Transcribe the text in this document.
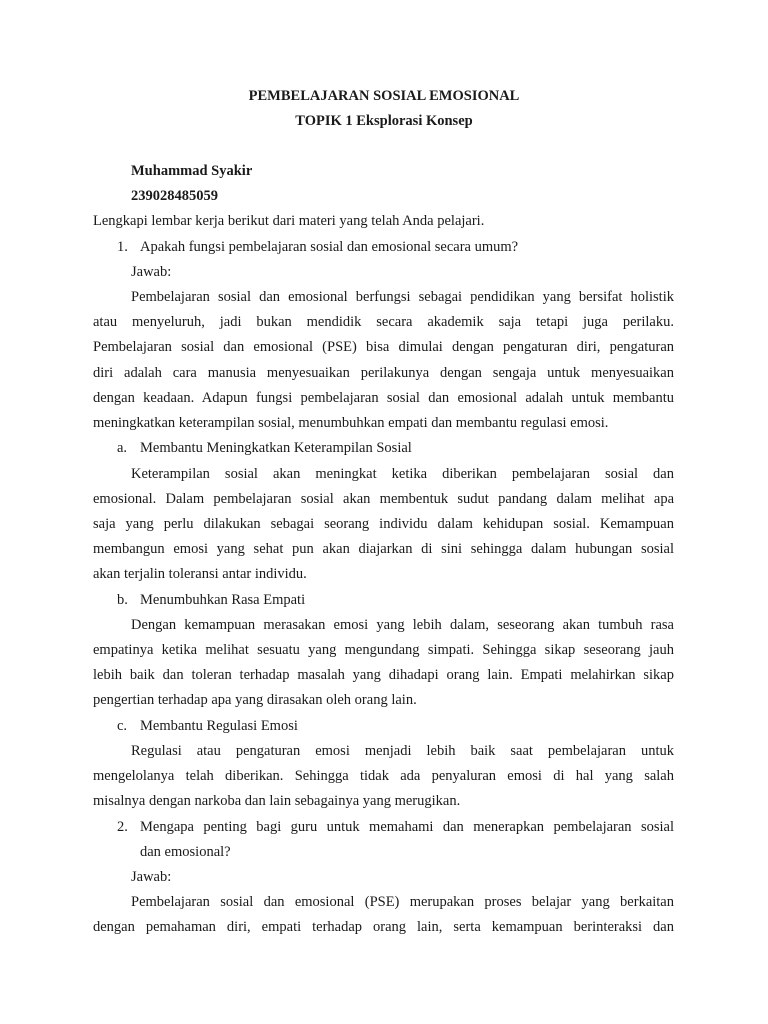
PEMBELAJARAN SOSIAL EMOSIONAL
TOPIK 1 Eksplorasi Konsep
Muhammad Syakir
239028485059
Lengkapi lembar kerja berikut dari materi yang telah Anda pelajari.
1. Apakah fungsi pembelajaran sosial dan emosional secara umum?
Jawab:
Pembelajaran sosial dan emosional berfungsi sebagai pendidikan yang bersifat holistik
atau menyeluruh, jadi bukan mendidik secara akademik saja tetapi juga perilaku.
Pembelajaran sosial dan emosional (PSE) bisa dimulai dengan pengaturan diri, pengaturan
diri adalah cara manusia menyesuaikan perilakunya dengan sengaja untuk menyesuaikan
dengan keadaan. Adapun fungsi pembelajaran sosial dan emosional adalah untuk membantu
meningkatkan keterampilan sosial, menumbuhkan empati dan membantu regulasi emosi.
a. Membantu Meningkatkan Keterampilan Sosial
Keterampilan sosial akan meningkat ketika diberikan pembelajaran sosial dan
emosional. Dalam pembelajaran sosial akan membentuk sudut pandang dalam melihat apa
saja yang perlu dilakukan sebagai seorang individu dalam kehidupan sosial. Kemampuan
membangun emosi yang sehat pun akan diajarkan di sini sehingga dalam hubungan sosial
akan terjalin toleransi antar individu.
b. Menumbuhkan Rasa Empati
Dengan kemampuan merasakan emosi yang lebih dalam, seseorang akan tumbuh rasa
empatinya ketika melihat sesuatu yang mengundang simpati. Sehingga sikap seseorang jauh
lebih baik dan toleran terhadap masalah yang dihadapi orang lain. Empati melahirkan sikap
pengertian terhadap apa yang dirasakan oleh orang lain.
c. Membantu Regulasi Emosi
Regulasi atau pengaturan emosi menjadi lebih baik saat pembelajaran untuk
mengelolanya telah diberikan. Sehingga tidak ada penyaluran emosi di hal yang salah
misalnya dengan narkoba dan lain sebagainya yang merugikan.
2. Mengapa penting bagi guru untuk memahami dan menerapkan pembelajaran sosial
dan emosional?
Jawab:
Pembelajaran sosial dan emosional (PSE) merupakan proses belajar yang berkaitan
dengan pemahaman diri, empati terhadap orang lain, serta kemampuan berinteraksi dan
